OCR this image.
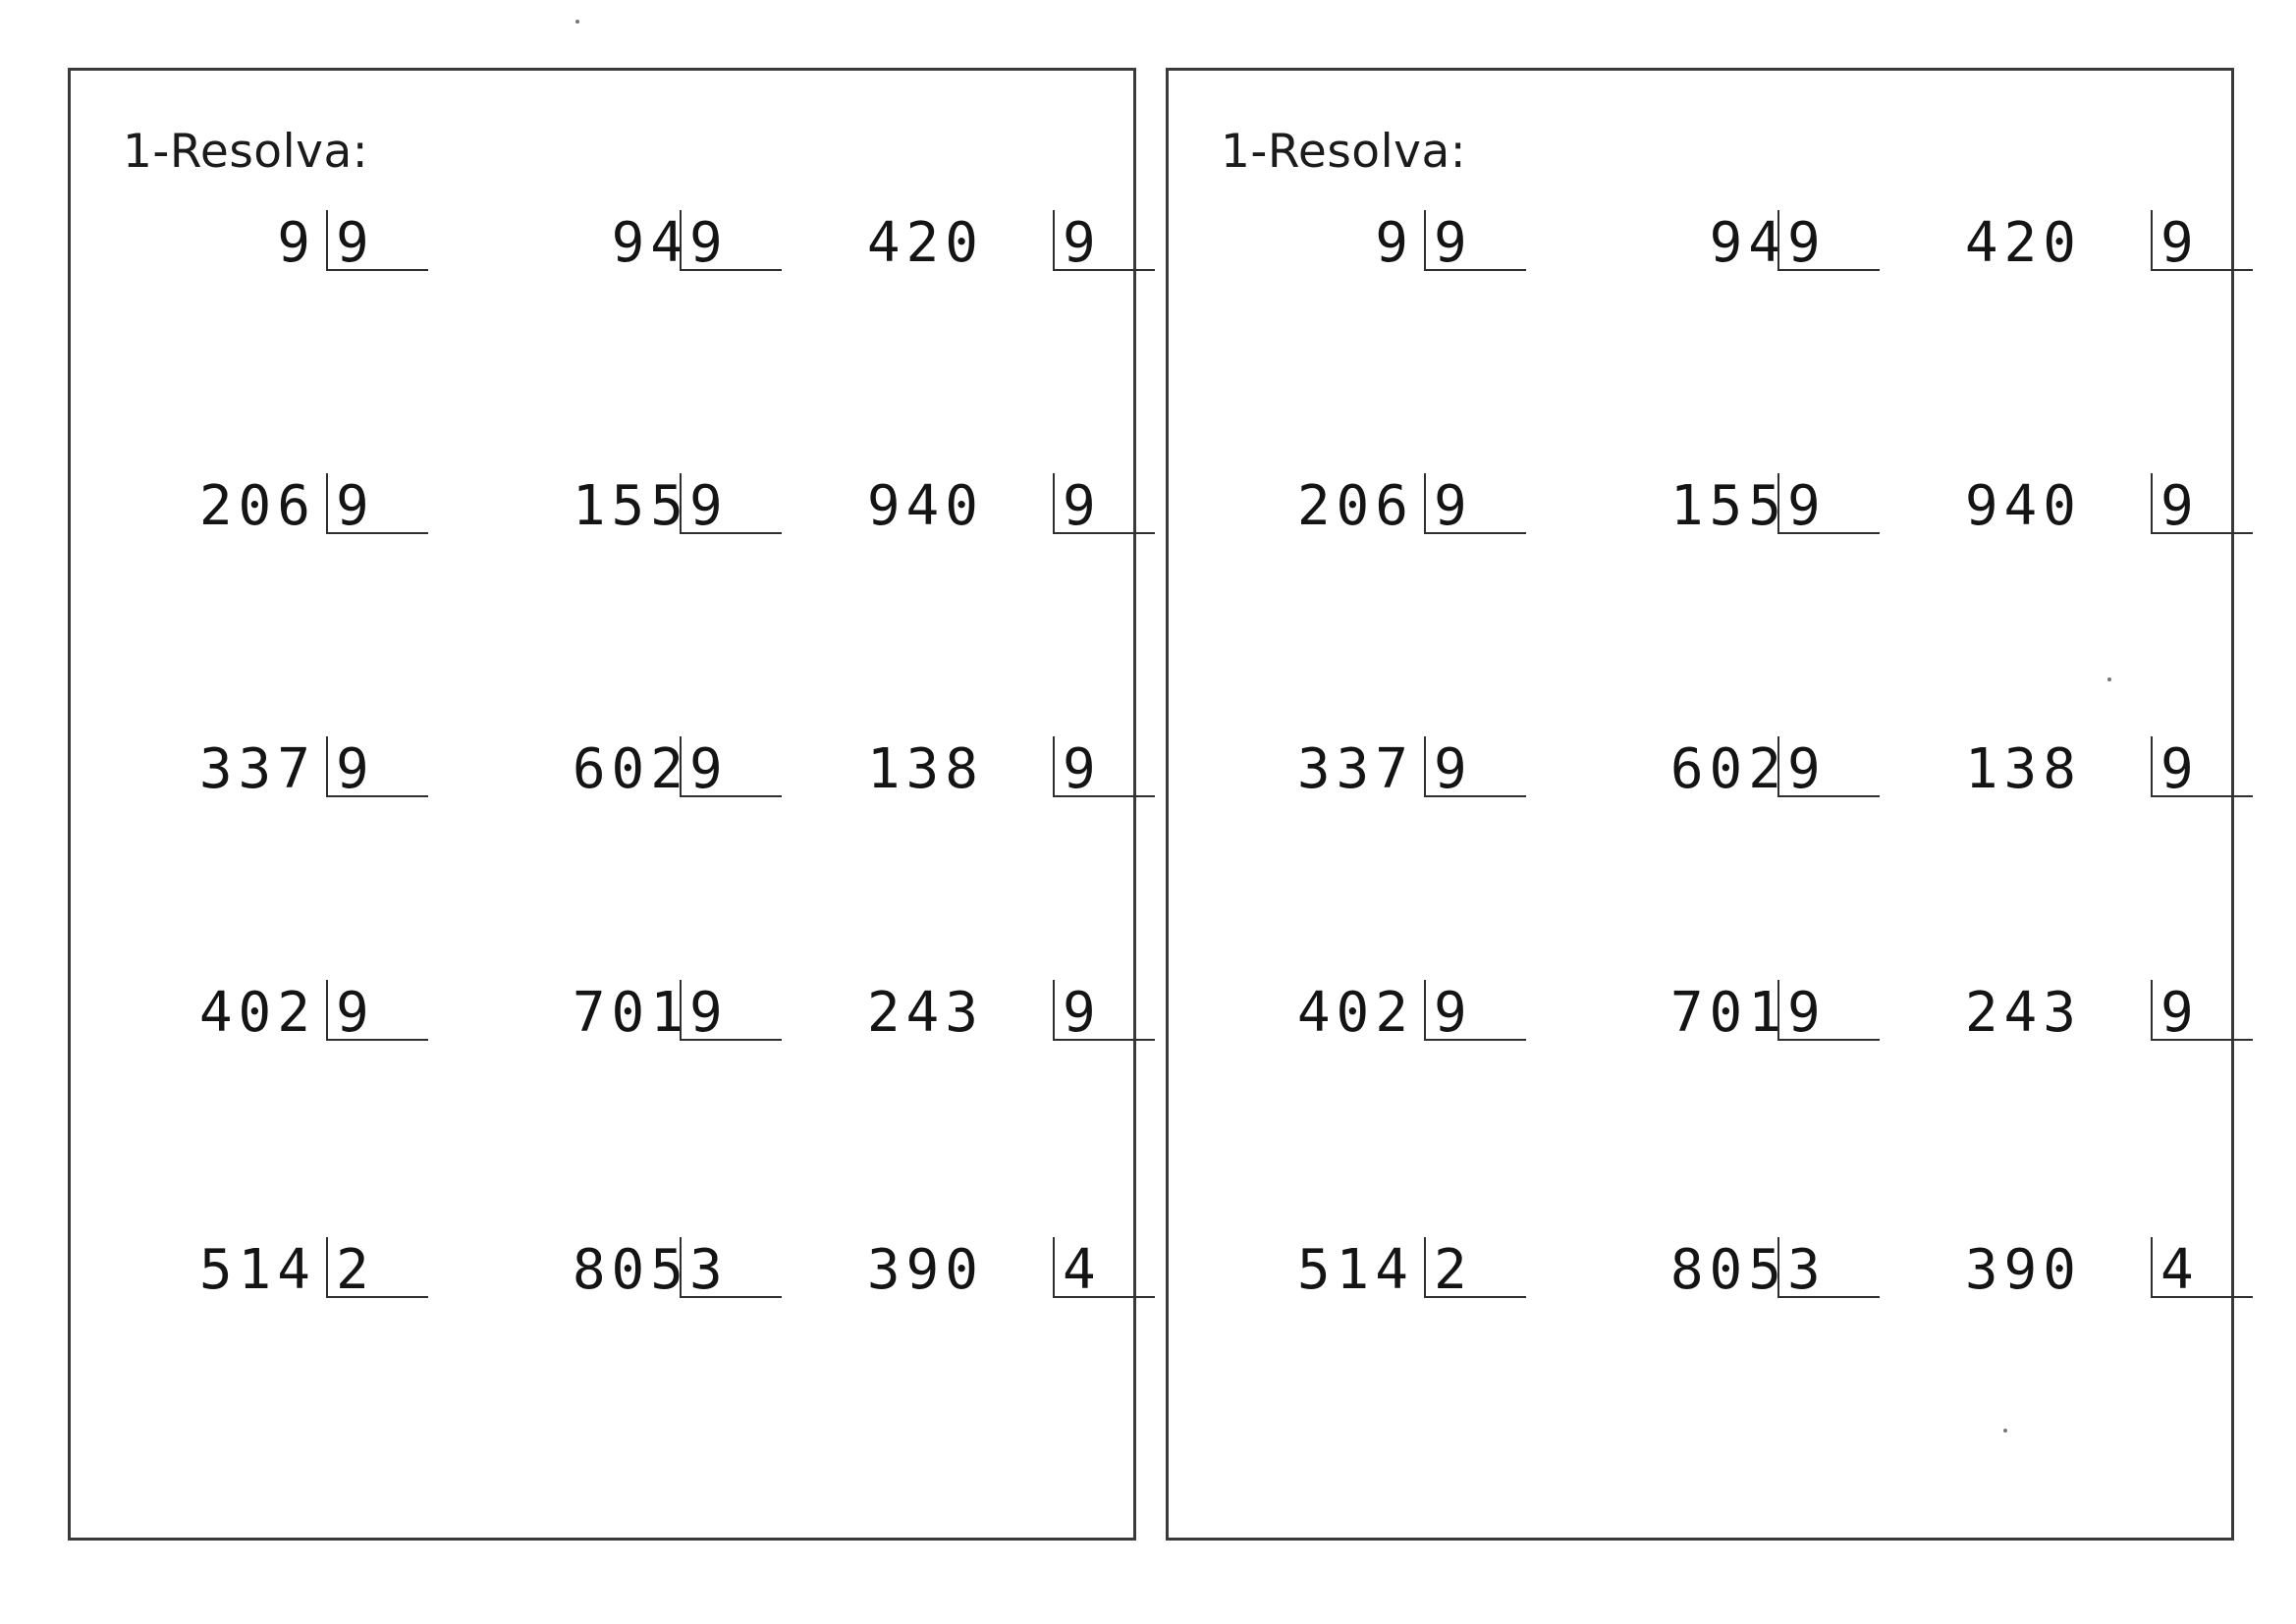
1-Resolva:
9 9	94 9	420 9
206 9	155 9	940 9
337 9	602 9	138 9
402 9	701 9	243 9
514 2	805 3	390 4
1-Resolva:
9 9	94 9	420 9
206 9	155 9	940 9
337 9	602 9	138 9
402 9	701 9	243 9
514 2	805 3	390 4
